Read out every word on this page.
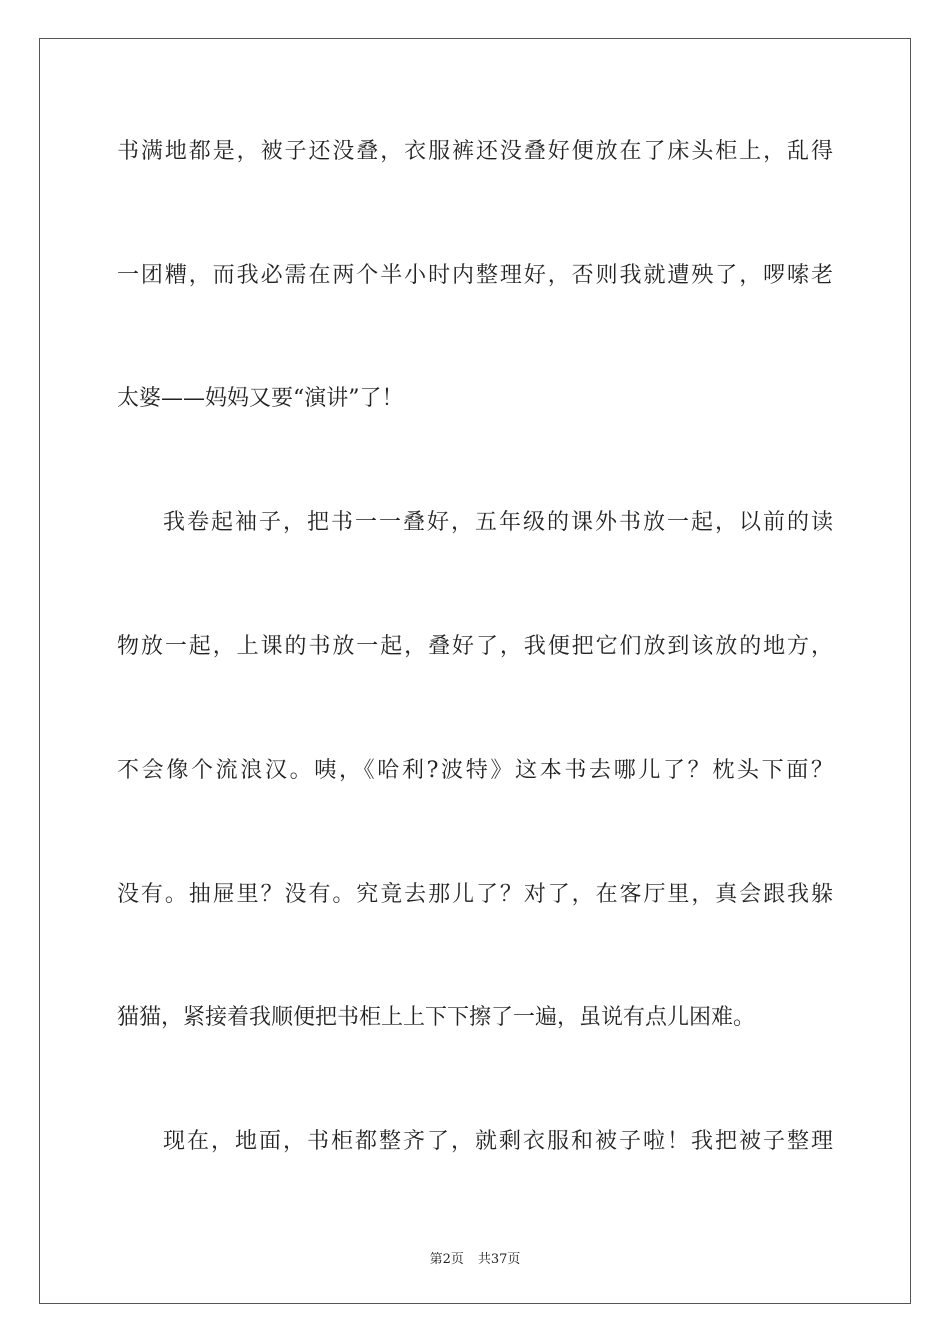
书满地都是，被子还没叠，衣服裤还没叠好便放在了床头柜上，乱得
一团糟，而我必需在两个半小时内整理好，否则我就遭殃了，啰嗦老
太婆——妈妈又要“演讲”了！
我卷起袖子，把书一一叠好，五年级的课外书放一起，以前的读
物放一起，上课的书放一起，叠好了，我便把它们放到该放的地方，
不会像个流浪汉。咦，《哈利?波特》这本书去哪儿了？枕头下面？
没有。抽屉里？没有。究竟去那儿了？对了，在客厅里，真会跟我躲
猫猫，紧接着我顺便把书柜上上下下擦了一遍，虽说有点儿困难。
现在，地面，书柜都整齐了，就剩衣服和被子啦！我把被子整理
第2页 共37页
